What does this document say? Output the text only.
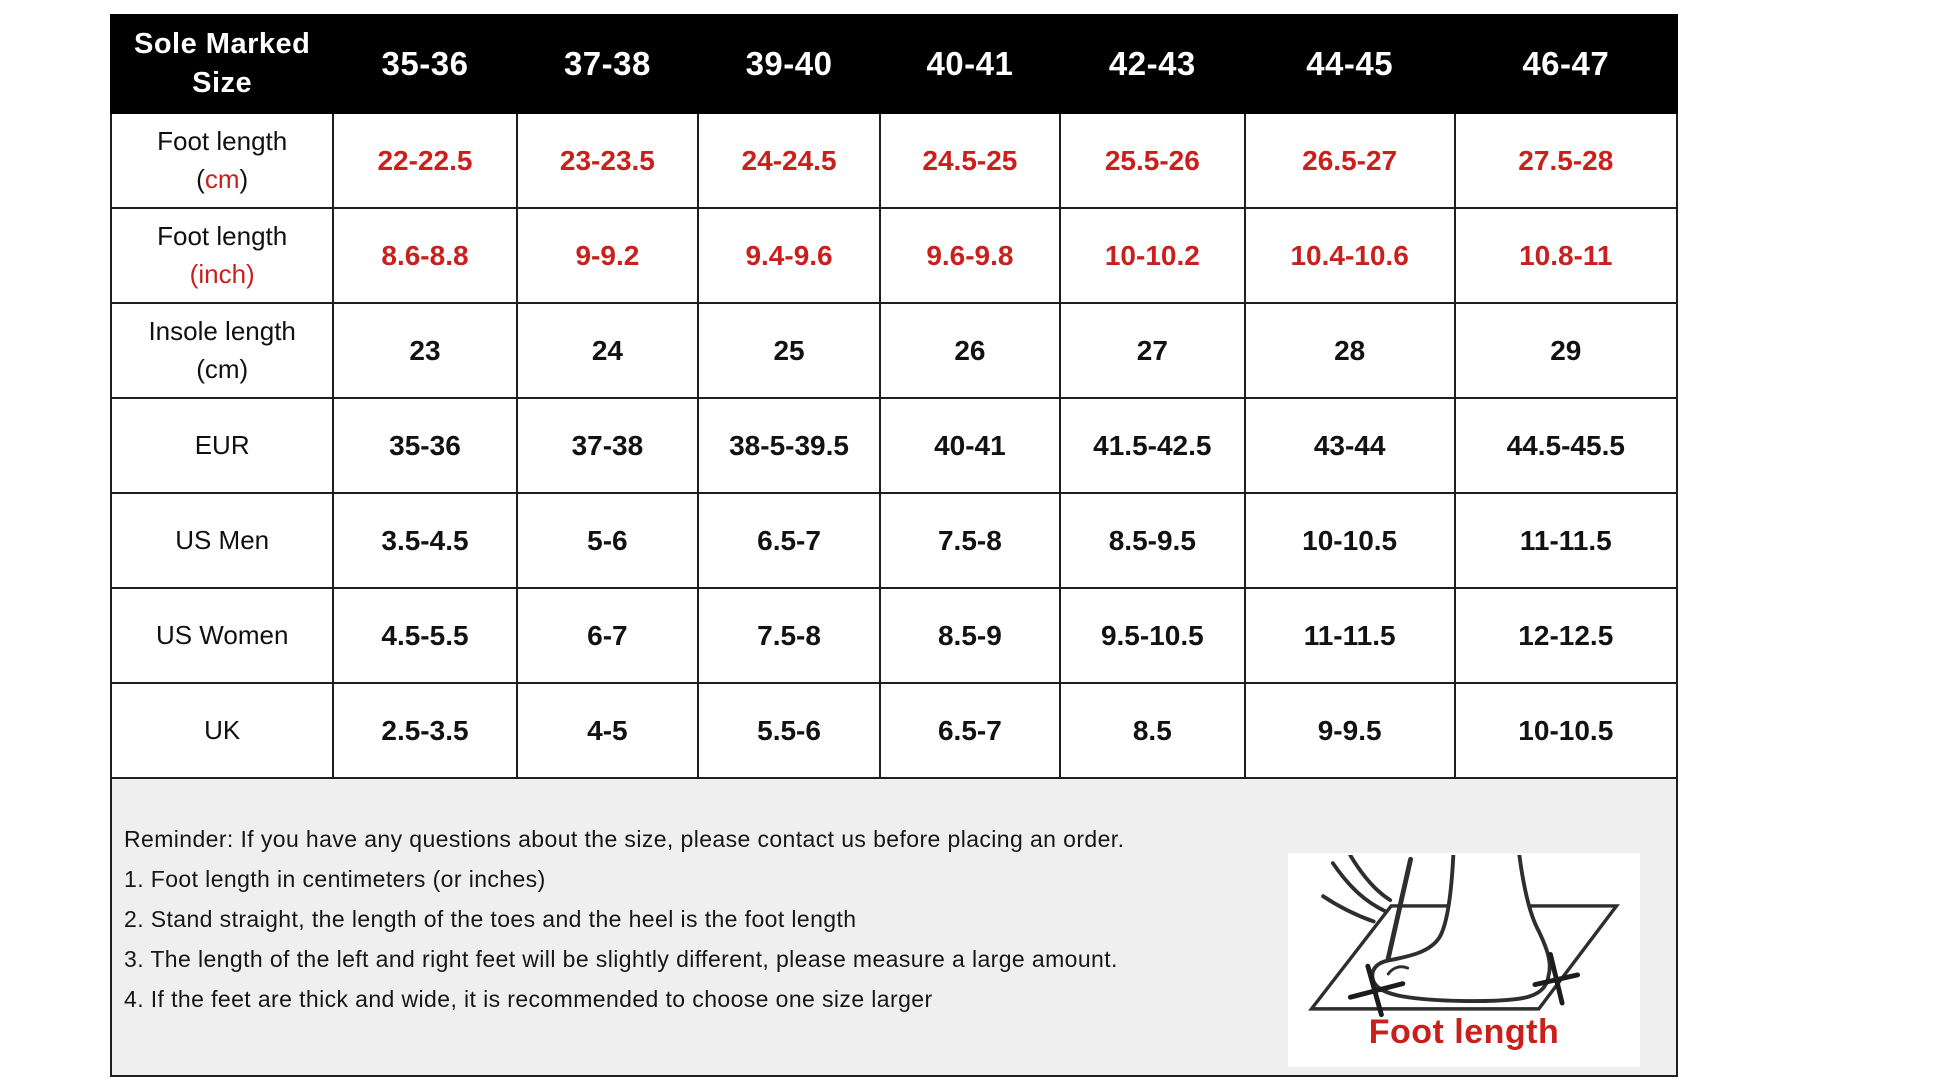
Sole Marked Size	35-36	37-38	39-40	40-41	42-43	44-45	46-47

Foot length
(cm)	22-22.5	23-23.5	24-24.5	24.5-25	25.5-26	26.5-27	27.5-28

Foot length
(inch)	8.6-8.8	9-9.2	9.4-9.6	9.6-9.8	10-10.2	10.4-10.6	10.8-11

Insole length
(cm)	23	24	25	26	27	28	29

EUR	35-36	37-38	38-5-39.5	40-41	41.5-42.5	43-44	44.5-45.5

US Men	3.5-4.5	5-6	6.5-7	7.5-8	8.5-9.5	10-10.5	11-11.5

US Women	4.5-5.5	6-7	7.5-8	8.5-9	9.5-10.5	11-11.5	12-12.5

UK	2.5-3.5	4-5	5.5-6	6.5-7	8.5	9-9.5	10-10.5

Reminder: If you have any questions about the size, please contact us before placing an order.

1. Foot length in centimeters (or inches)

2. Stand straight, the length of the toes and the heel is the foot length

3. The length of the left and right feet will be slightly different, please measure a large amount.

4. If the feet are thick and wide, it is recommended to choose one size larger

Foot length
